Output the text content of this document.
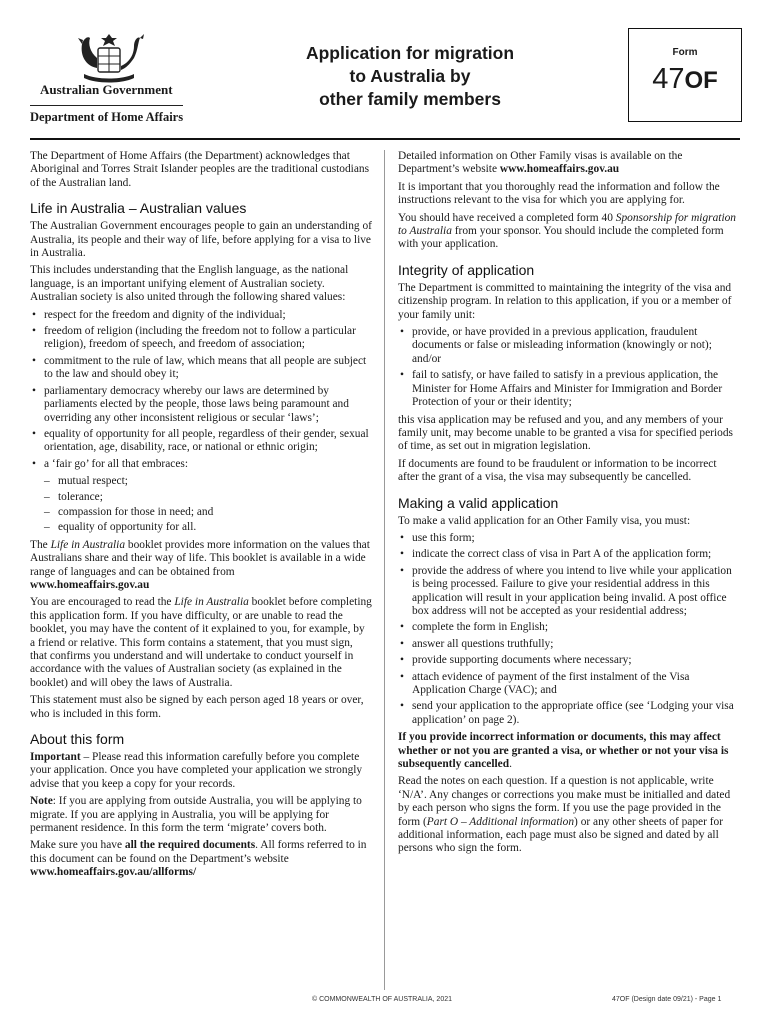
Australian Government
Department of Home Affairs
Application for migration
to Australia by
other family members
Form
47OF

The Department of Home Affairs (the Department) acknowledges that Aboriginal and Torres Strait Islander peoples are the traditional custodians of the Australian land.

Life in Australia – Australian values

The Australian Government encourages people to gain an understanding of Australia, its people and their way of life, before applying for a visa to live in Australia.

This includes understanding that the English language, as the national language, is an important unifying element of Australian society. Australian society is also united through the following shared values:

• respect for the freedom and dignity of the individual;
• freedom of religion (including the freedom not to follow a particular religion), freedom of speech, and freedom of association;
• commitment to the rule of law, which means that all people are subject to the law and should obey it;
• parliamentary democracy whereby our laws are determined by parliaments elected by the people, those laws being paramount and overriding any other inconsistent religious or secular ‘laws’;
• equality of opportunity for all people, regardless of their gender, sexual orientation, age, disability, race, or national or ethnic origin;
• a ‘fair go’ for all that embraces:
– mutual respect;
– tolerance;
– compassion for those in need; and
– equality of opportunity for all.

The Life in Australia booklet provides more information on the values that Australians share and their way of life. This booklet is available in a wide range of languages and can be obtained from
www.homeaffairs.gov.au

You are encouraged to read the Life in Australia booklet before completing this application form. If you have difficulty, or are unable to read the booklet, you may have the content of it explained to you, for example, by a friend or relative. This form contains a statement, that you must sign, that confirms you understand and will undertake to conduct yourself in accordance with the values of Australian society (as explained in the booklet) and will obey the laws of Australia.

This statement must also be signed by each person aged 18 years or over, who is included in this form.

About this form

Important – Please read this information carefully before you complete your application. Once you have completed your application we strongly advise that you keep a copy for your records.

Note: If you are applying from outside Australia, you will be applying to migrate. If you are applying in Australia, you will be applying for permanent residence. In this form the term ‘migrate’ covers both.

Make sure you have all the required documents. All forms referred to in this document can be found on the Department’s website www.homeaffairs.gov.au/allforms/

Detailed information on Other Family visas is available on the Department’s website www.homeaffairs.gov.au

It is important that you thoroughly read the information and follow the instructions relevant to the visa for which you are applying for.

You should have received a completed form 40 Sponsorship for migration to Australia from your sponsor. You should include the completed form with your application.

Integrity of application

The Department is committed to maintaining the integrity of the visa and citizenship program. In relation to this application, if you or a member of your family unit:

• provide, or have provided in a previous application, fraudulent documents or false or misleading information (knowingly or not); and/or
• fail to satisfy, or have failed to satisfy in a previous application, the Minister for Home Affairs and Minister for Immigration and Border Protection of your or their identity;

this visa application may be refused and you, and any members of your family unit, may become unable to be granted a visa for specified periods of time, as set out in migration legislation.

If documents are found to be fraudulent or information to be incorrect after the grant of a visa, the visa may subsequently be cancelled.

Making a valid application

To make a valid application for an Other Family visa, you must:

• use this form;
• indicate the correct class of visa in Part A of the application form;
• provide the address of where you intend to live while your application is being processed. Failure to give your residential address in this application will result in your application being invalid. A post office box address will not be accepted as your residential address;
• complete the form in English;
• answer all questions truthfully;
• provide supporting documents where necessary;
• attach evidence of payment of the first instalment of the Visa Application Charge (VAC); and
• send your application to the appropriate office (see ‘Lodging your visa application’ on page 2).

If you provide incorrect information or documents, this may affect whether or not you are granted a visa, or whether or not your visa is subsequently cancelled.

Read the notes on each question. If a question is not applicable, write ‘N/A’. Any changes or corrections you make must be initialled and dated by each person who signs the form. If you use the page provided in the form (Part O – Additional information) or any other sheets of paper for additional information, each page must also be signed and dated by all persons who sign the form.

© COMMONWEALTH OF AUSTRALIA, 2021	47OF (Design date 09/21) - Page 1
